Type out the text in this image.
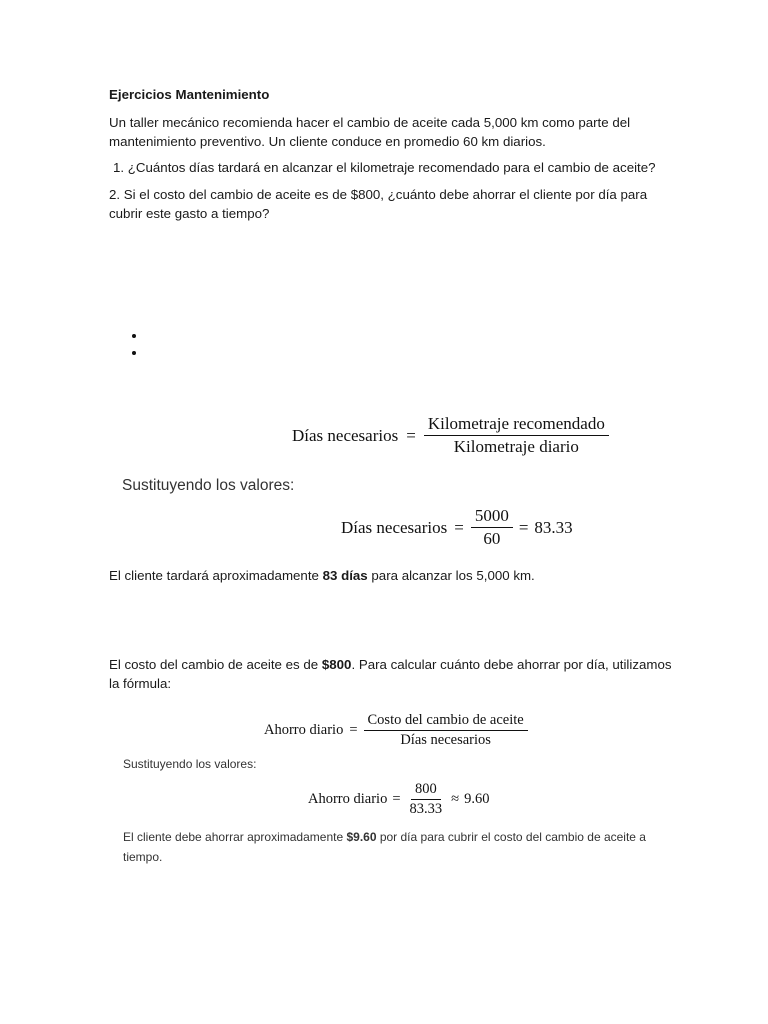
Ejercicios Mantenimiento
Un taller mecánico recomienda hacer el cambio de aceite cada 5,000 km como parte del
mantenimiento preventivo. Un cliente conduce en promedio 60 km diarios.
1. ¿Cuántos días tardará en alcanzar el kilometraje recomendado para el cambio de aceite?
2. Si el costo del cambio de aceite es de $800, ¿cuánto debe ahorrar el cliente por día para
cubrir este gasto a tiempo?
Días necesarios = $\frac{\text{Kilometraje recomendado}}{\text{Kilometraje diario}}$
Sustituyendo los valores:
Días necesarios = $\frac{5000}{60} = 83.33$
El cliente tardará aproximadamente 83 días para alcanzar los 5,000 km.
El costo del cambio de aceite es de $800. Para calcular cuánto debe ahorrar por día, utilizamos
la fórmula:
Ahorro diario = $\frac{\text{Costo del cambio de aceite}}{\text{Días necesarios}}$
Sustituyendo los valores:
Ahorro diario = $\frac{800}{83.33} \approx 9.60$
El cliente debe ahorrar aproximadamente $9.60 por día para cubrir el costo del cambio de aceite a
tiempo.
